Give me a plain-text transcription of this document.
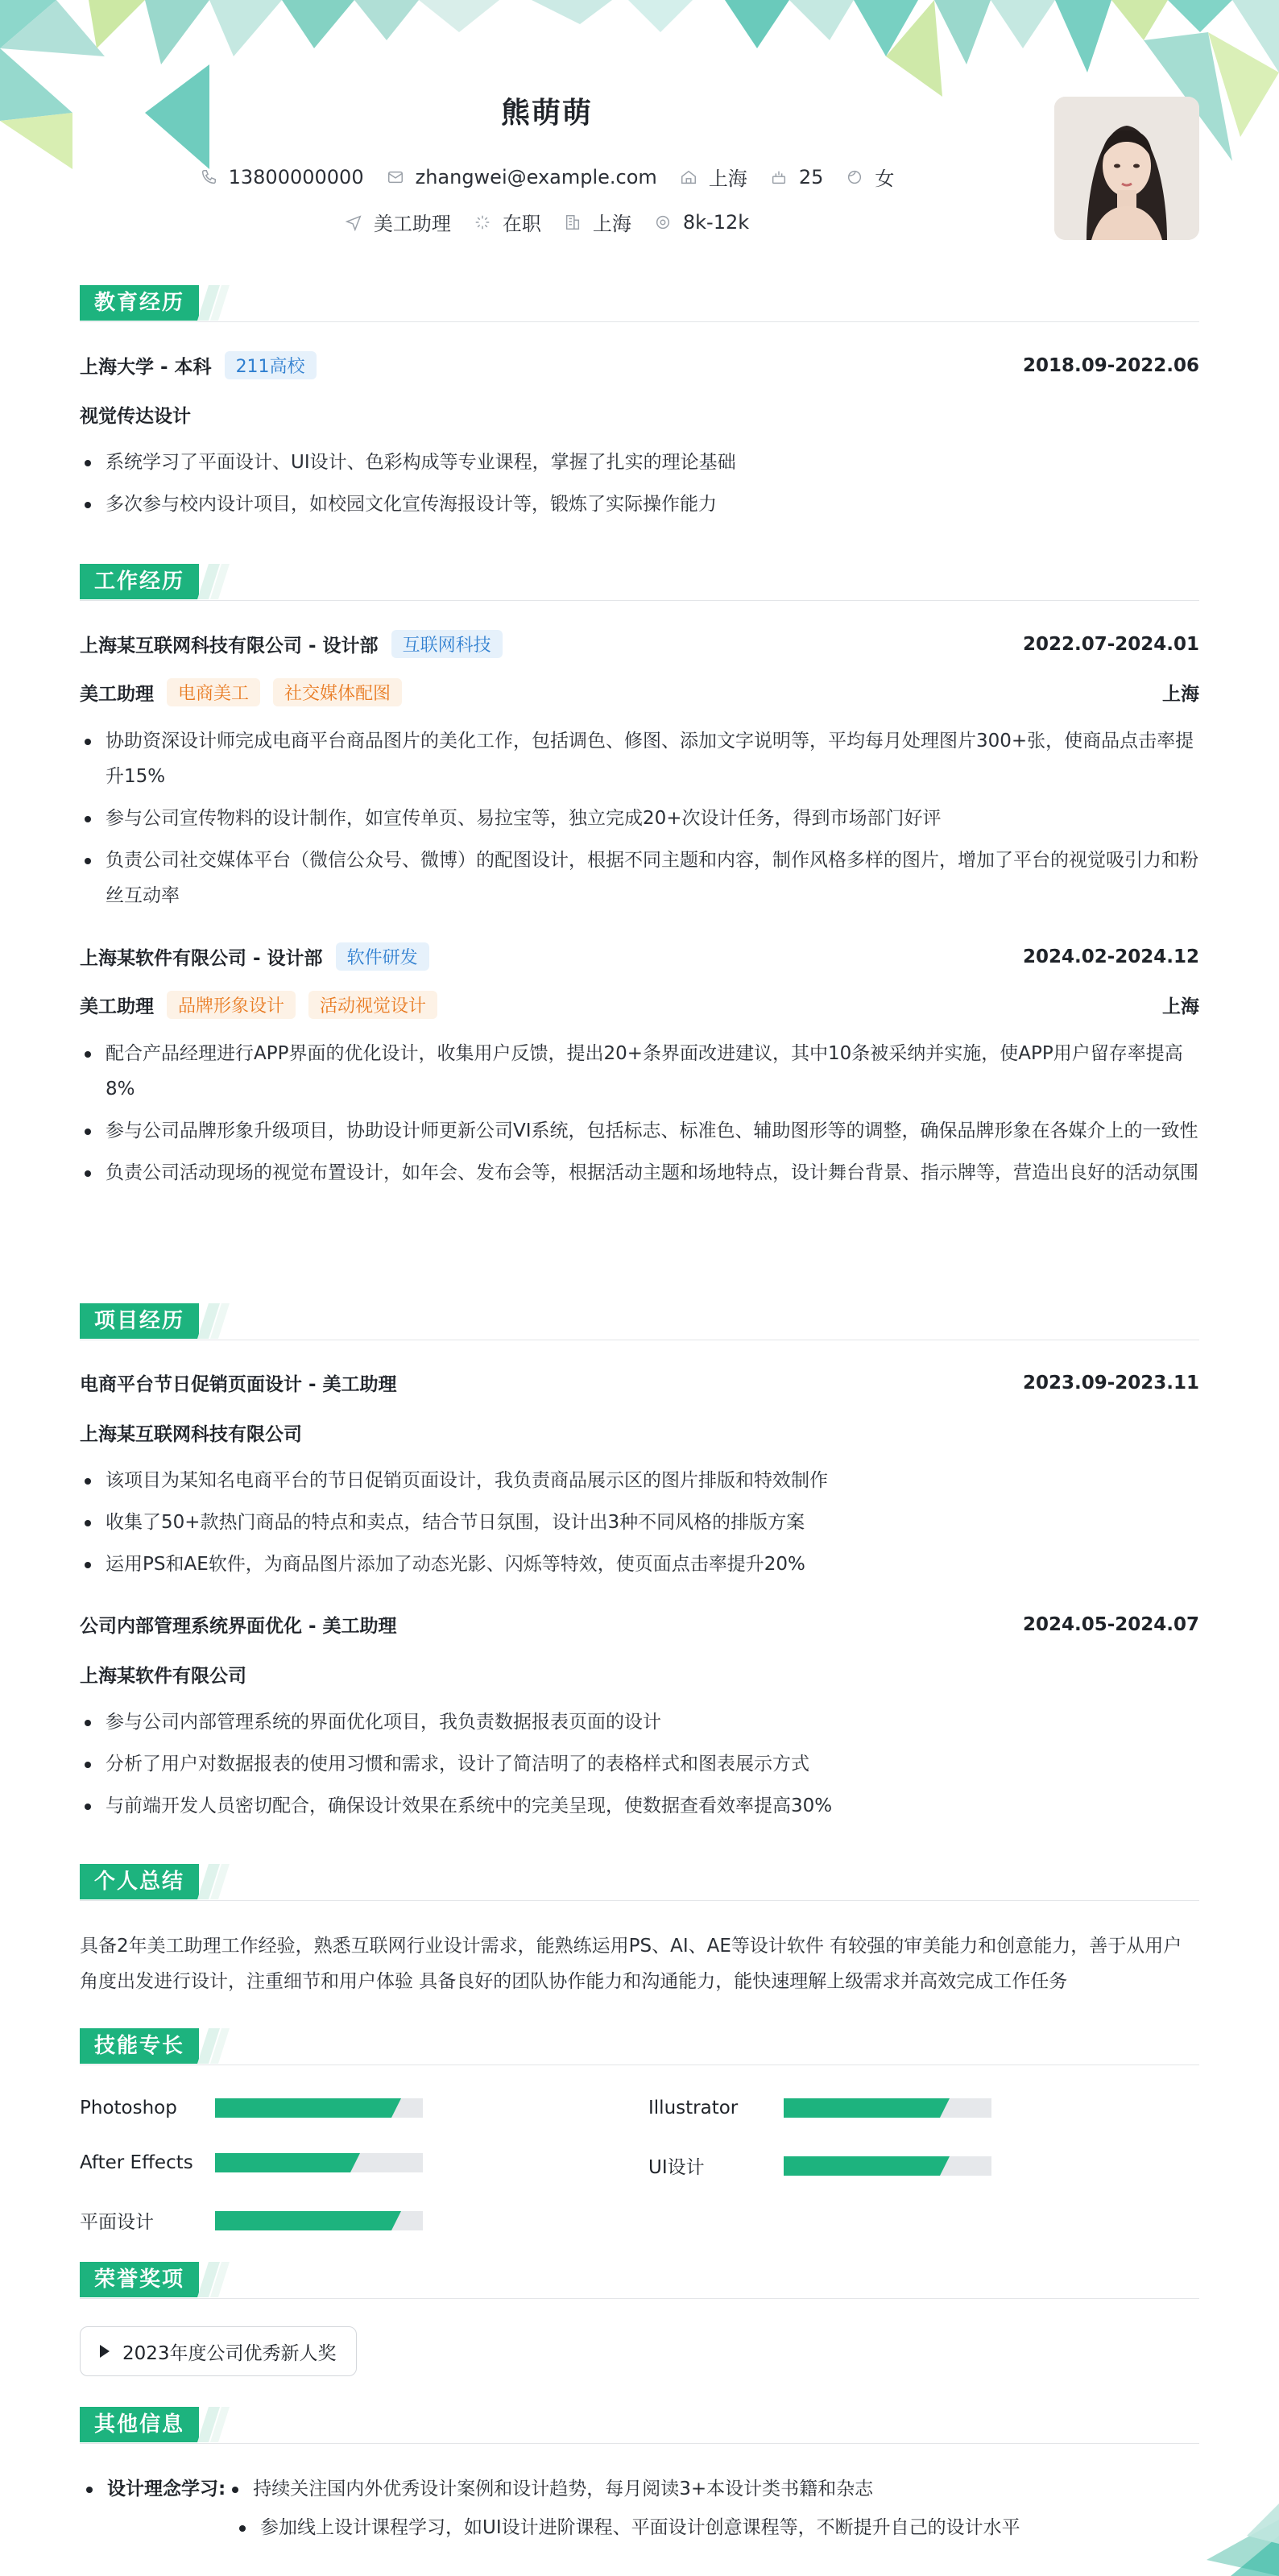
熊萌萌
13800000000	zhangwei@example.com	上海	25	女
美工助理	在职	上海	8k-12k
教育经历
上海大学 - 本科	211高校	2018.09-2022.06
视觉传达设计
系统学习了平面设计、UI设计、色彩构成等专业课程，掌握了扎实的理论基础
多次参与校内设计项目，如校园文化宣传海报设计等，锻炼了实际操作能力
工作经历
上海某互联网科技有限公司 - 设计部	互联网科技	2022.07-2024.01
美工助理	电商美工	社交媒体配图	上海
协助资深设计师完成电商平台商品图片的美化工作，包括调色、修图、添加文字说明等，平均每月处理图片300+张，使商品点击率提升15%
参与公司宣传物料的设计制作，如宣传单页、易拉宝等，独立完成20+次设计任务，得到市场部门好评
负责公司社交媒体平台（微信公众号、微博）的配图设计，根据不同主题和内容，制作风格多样的图片，增加了平台的视觉吸引力和粉丝互动率
上海某软件有限公司 - 设计部	软件研发	2024.02-2024.12
美工助理	品牌形象设计	活动视觉设计	上海
配合产品经理进行APP界面的优化设计，收集用户反馈，提出20+条界面改进建议，其中10条被采纳并实施，使APP用户留存率提高8%
参与公司品牌形象升级项目，协助设计师更新公司VI系统，包括标志、标准色、辅助图形等的调整，确保品牌形象在各媒介上的一致性
负责公司活动现场的视觉布置设计，如年会、发布会等，根据活动主题和场地特点，设计舞台背景、指示牌等，营造出良好的活动氛围
项目经历
电商平台节日促销页面设计 - 美工助理	2023.09-2023.11
上海某互联网科技有限公司
该项目为某知名电商平台的节日促销页面设计，我负责商品展示区的图片排版和特效制作
收集了50+款热门商品的特点和卖点，结合节日氛围，设计出3种不同风格的排版方案
运用PS和AE软件，为商品图片添加了动态光影、闪烁等特效，使页面点击率提升20%
公司内部管理系统界面优化 - 美工助理	2024.05-2024.07
上海某软件有限公司
参与公司内部管理系统的界面优化项目，我负责数据报表页面的设计
分析了用户对数据报表的使用习惯和需求，设计了简洁明了的表格样式和图表展示方式
与前端开发人员密切配合，确保设计效果在系统中的完美呈现，使数据查看效率提高30%
个人总结
具备2年美工助理工作经验，熟悉互联网行业设计需求，能熟练运用PS、AI、AE等设计软件 有较强的审美能力和创意能力，善于从用户角度出发进行设计，注重细节和用户体验 具备良好的团队协作能力和沟通能力，能快速理解上级需求并高效完成工作任务
技能专长
Photoshop	Illustrator
After Effects	UI设计
平面设计
荣誉奖项
2023年度公司优秀新人奖
其他信息
设计理念学习: 持续关注国内外优秀设计案例和设计趋势，每月阅读3+本设计类书籍和杂志
参加线上设计课程学习，如UI设计进阶课程、平面设计创意课程等，不断提升自己的设计水平
